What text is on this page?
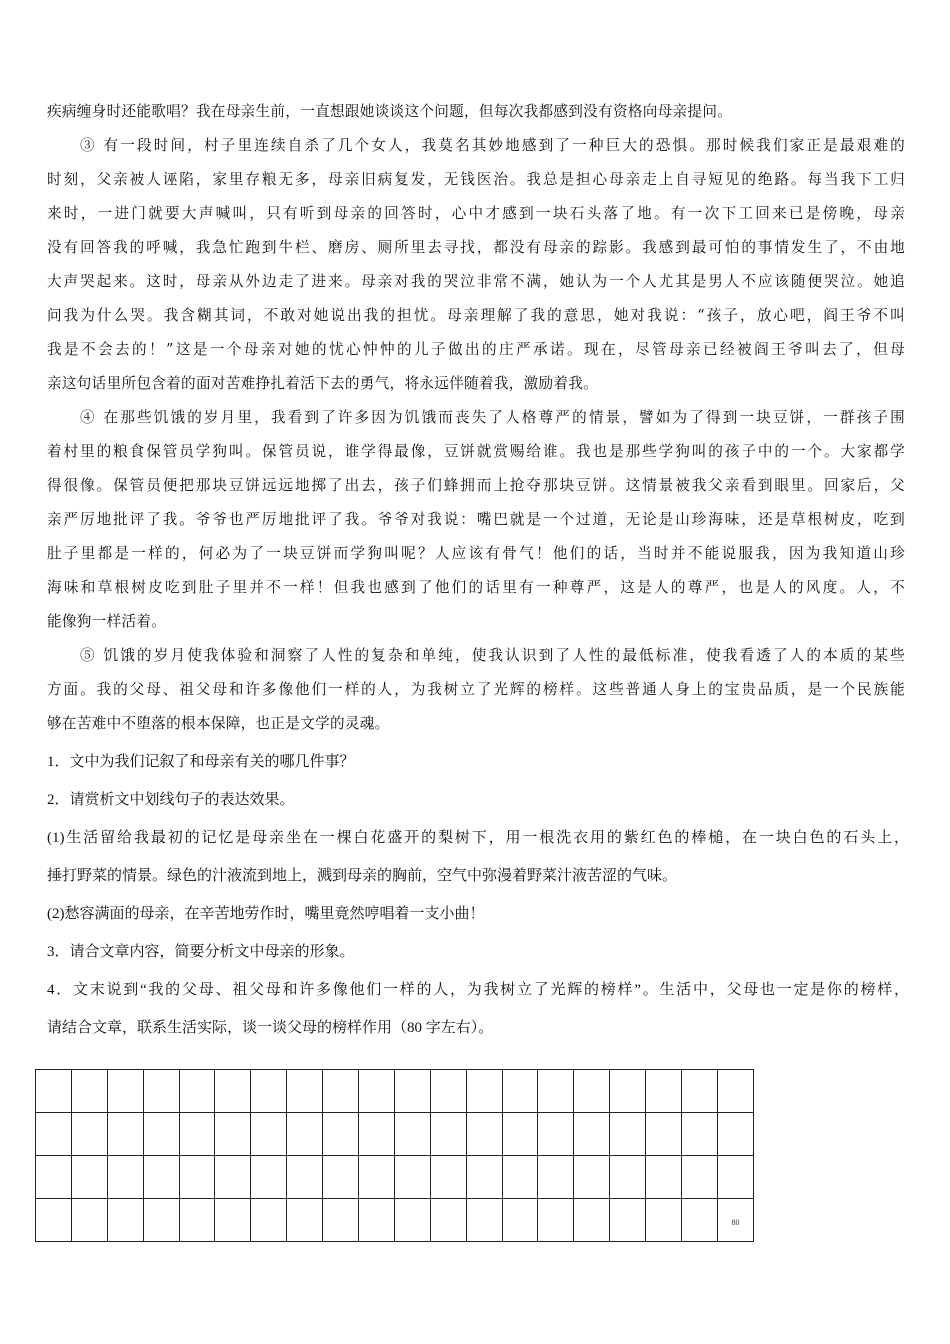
疾病缠身时还能歌唱？我在母亲生前，一直想跟她谈谈这个问题，但每次我都感到没有资格向母亲提问。
③ 有一段时间，村子里连续自杀了几个女人，我莫名其妙地感到了一种巨大的恐惧。那时候我们家正是最艰难的
时刻，父亲被人诬陷，家里存粮无多，母亲旧病复发，无钱医治。我总是担心母亲走上自寻短见的绝路。每当我下工归
来时，一进门就要大声喊叫，只有听到母亲的回答时，心中才感到一块石头落了地。有一次下工回来已是傍晚，母亲
没有回答我的呼喊，我急忙跑到牛栏、磨房、厕所里去寻找，都没有母亲的踪影。我感到最可怕的事情发生了，不由地
大声哭起来。这时，母亲从外边走了进来。母亲对我的哭泣非常不满，她认为一个人尤其是男人不应该随便哭泣。她追
问我为什么哭。我含糊其词，不敢对她说出我的担忧。母亲理解了我的意思，她对我说：“孩子，放心吧，阎王爷不叫
我是不会去的！”这是一个母亲对她的忧心忡忡的儿子做出的庄严承诺。现在，尽管母亲已经被阎王爷叫去了，但母
亲这句话里所包含着的面对苦难挣扎着活下去的勇气，将永远伴随着我，激励着我。
④ 在那些饥饿的岁月里，我看到了许多因为饥饿而丧失了人格尊严的情景，譬如为了得到一块豆饼，一群孩子围
着村里的粮食保管员学狗叫。保管员说，谁学得最像，豆饼就赏赐给谁。我也是那些学狗叫的孩子中的一个。大家都学
得很像。保管员便把那块豆饼远远地掷了出去，孩子们蜂拥而上抢夺那块豆饼。这情景被我父亲看到眼里。回家后，父
亲严厉地批评了我。爷爷也严厉地批评了我。爷爷对我说：嘴巴就是一个过道，无论是山珍海味，还是草根树皮，吃到
肚子里都是一样的，何必为了一块豆饼而学狗叫呢？人应该有骨气！他们的话，当时并不能说服我，因为我知道山珍
海味和草根树皮吃到肚子里并不一样！但我也感到了他们的话里有一种尊严，这是人的尊严，也是人的风度。人，不
能像狗一样活着。
⑤ 饥饿的岁月使我体验和洞察了人性的复杂和单纯，使我认识到了人性的最低标准，使我看透了人的本质的某些
方面。我的父母、祖父母和许多像他们一样的人，为我树立了光辉的榜样。这些普通人身上的宝贵品质，是一个民族能
够在苦难中不堕落的根本保障，也正是文学的灵魂。
1．文中为我们记叙了和母亲有关的哪几件事？
2．请赏析文中划线句子的表达效果。
(1)生活留给我最初的记忆是母亲坐在一棵白花盛开的梨树下，用一根洗衣用的紫红色的棒槌，在一块白色的石头上，
捶打野菜的情景。绿色的汁液流到地上，溅到母亲的胸前，空气中弥漫着野菜汁液苦涩的气味。
(2)愁容满面的母亲，在辛苦地劳作时，嘴里竟然哼唱着一支小曲！
3．请合文章内容，简要分析文中母亲的形象。
4．文末说到“我的父母、祖父母和许多像他们一样的人，为我树立了光辉的榜样”。生活中，父母也一定是你的榜样，
请结合文章，联系生活实际，谈一谈父母的榜样作用（80 字左右）。

																			80
